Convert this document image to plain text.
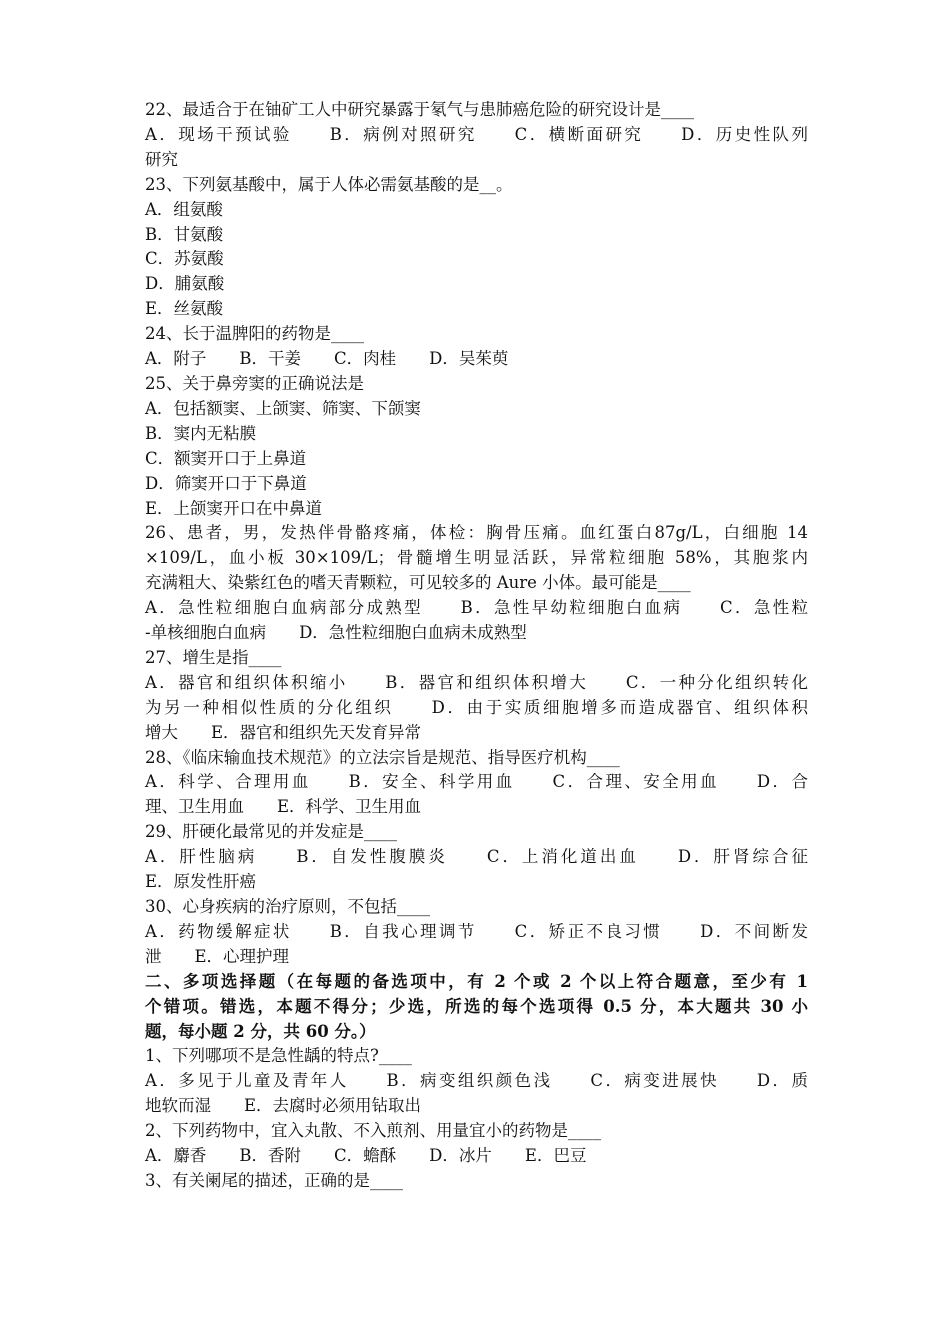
22、最适合于在铀矿工人中研究暴露于氡气与患肺癌危险的研究设计是____
A．现场干预试验　　B．病例对照研究　　C．横断面研究　　D．历史性队列
研究
23、下列氨基酸中，属于人体必需氨基酸的是__。
A．组氨酸
B．甘氨酸
C．苏氨酸
D．脯氨酸
E．丝氨酸
24、长于温脾阳的药物是____
A．附子　　B．干姜　　C．肉桂　　D．吴茱萸
25、关于鼻旁窦的正确说法是
A．包括额窦、上颌窦、筛窦、下颌窦
B．窦内无粘膜
C．额窦开口于上鼻道
D．筛窦开口于下鼻道
E．上颌窦开口在中鼻道
26、患者，男，发热伴骨骼疼痛，体检：胸骨压痛。血红蛋白87g/L，白细胞 14
×109/L，血小板 30×109/L；骨髓增生明显活跃，异常粒细胞 58%，其胞浆内
充满粗大、染紫红色的嗜天青颗粒，可见较多的 Aure 小体。最可能是____
A．急性粒细胞白血病部分成熟型　　B．急性早幼粒细胞白血病　　C．急性粒
-单核细胞白血病　　D．急性粒细胞白血病未成熟型
27、增生是指____
A．器官和组织体积缩小　　B．器官和组织体积增大　　C．一种分化组织转化
为另一种相似性质的分化组织　　D．由于实质细胞增多而造成器官、组织体积
增大　　E．器官和组织先天发育异常
28、《临床输血技术规范》的立法宗旨是规范、指导医疗机构____
A．科学、合理用血　　B．安全、科学用血　　C．合理、安全用血　　D．合
理、卫生用血　　E．科学、卫生用血
29、肝硬化最常见的并发症是____
A．肝性脑病　　B．自发性腹膜炎　　C．上消化道出血　　D．肝肾综合征
E．原发性肝癌
30、心身疾病的治疗原则，不包括____
A．药物缓解症状　　B．自我心理调节　　C．矫正不良习惯　　D．不间断发
泄　　E．心理护理
二、多项选择题（在每题的备选项中，有 2 个或 2 个以上符合题意，至少有 1
个错项。错选，本题不得分；少选，所选的每个选项得 0.5 分，本大题共 30 小
题，每小题 2 分，共 60 分。）
1、下列哪项不是急性龋的特点?____
A．多见于儿童及青年人　　B．病变组织颜色浅　　C．病变进展快　　D．质
地软而湿　　E．去腐时必须用钻取出
2、下列药物中，宜入丸散、不入煎剂、用量宜小的药物是____
A．麝香　　B．香附　　C．蟾酥　　D．冰片　　E．巴豆
3、有关阑尾的描述，正确的是____
